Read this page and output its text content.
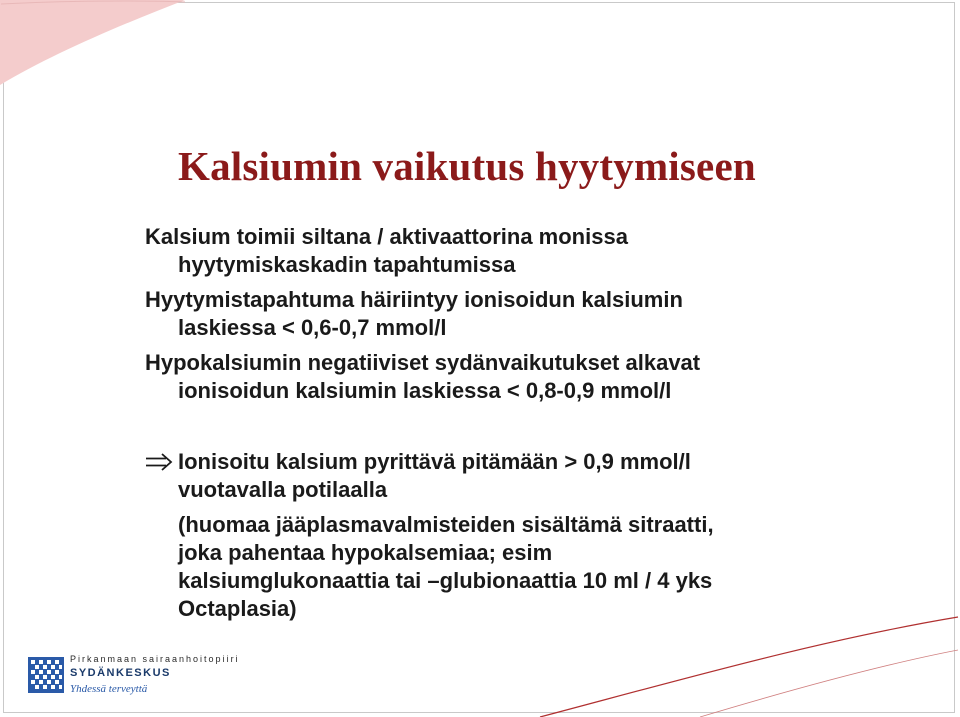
Kalsiumin vaikutus hyytymiseen
Kalsium toimii siltana / aktivaattorina monissa
hyytymiskaskadin tapahtumissa
Hyytymistapahtuma häiriintyy ionisoidun kalsiumin
laskiessa < 0,6-0,7 mmol/l
Hypokalsiumin negatiiviset sydänvaikutukset alkavat
ionisoidun kalsiumin laskiessa < 0,8-0,9 mmol/l
Ionisoitu kalsium pyrittävä pitämään > 0,9 mmol/l
vuotavalla potilaalla
(huomaa jääplasmavalmisteiden sisältämä sitraatti,
joka pahentaa hypokalsemiaa; esim
kalsiumglukonaattia tai –glubionaattia 10 ml / 4 yks
Octaplasia)
Pirkanmaan sairaanhoitopiiri
SYDÄNKESKUS
Yhdessä terveyttä
